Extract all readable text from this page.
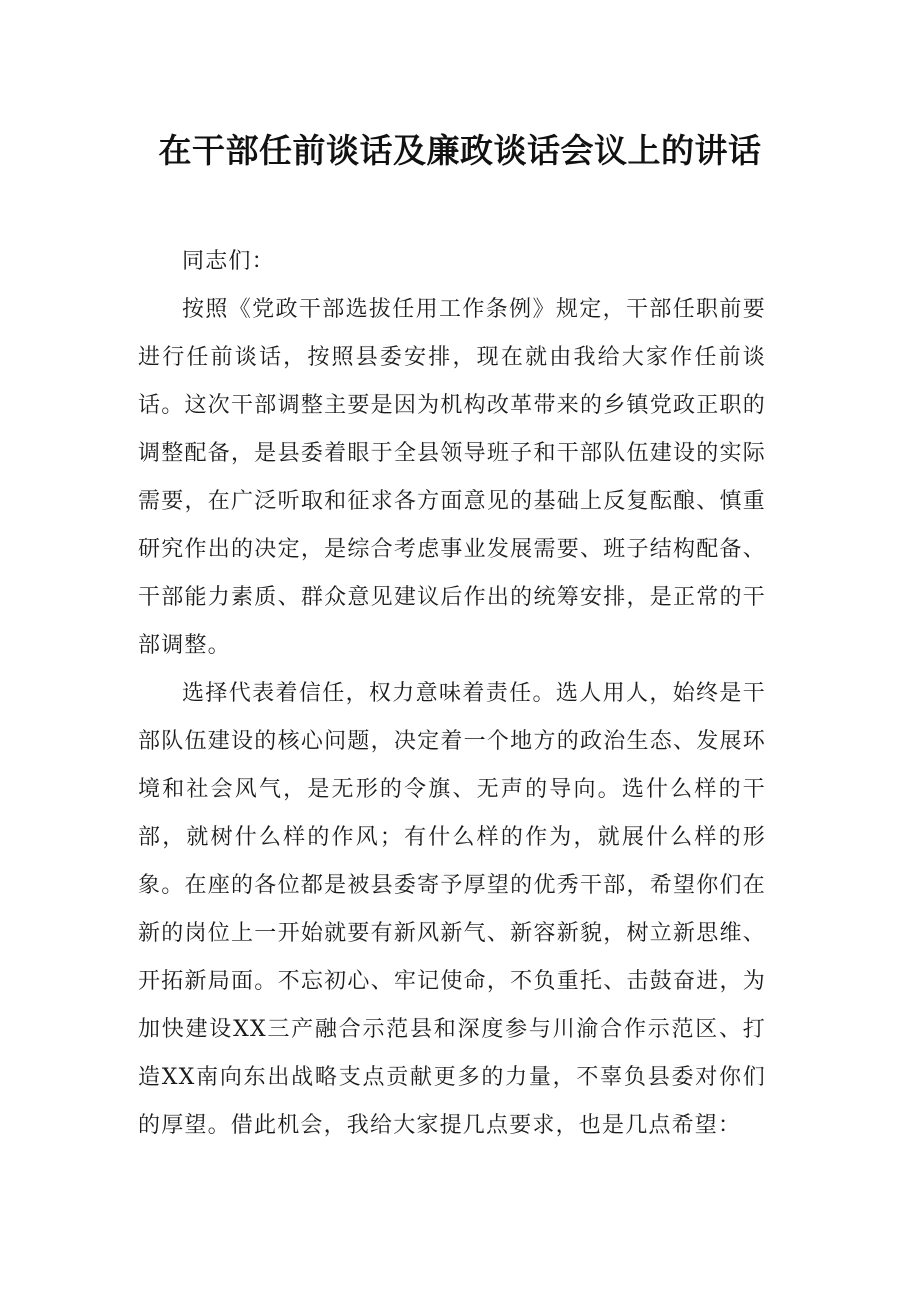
在干部任前谈话及廉政谈话会议上的讲话

同志们：

按照《党政干部选拔任用工作条例》规定，干部任职前要进行任前谈话，按照县委安排，现在就由我给大家作任前谈话。这次干部调整主要是因为机构改革带来的乡镇党政正职的调整配备，是县委着眼于全县领导班子和干部队伍建设的实际需要，在广泛听取和征求各方面意见的基础上反复酝酿、慎重研究作出的决定，是综合考虑事业发展需要、班子结构配备、干部能力素质、群众意见建议后作出的统筹安排，是正常的干部调整。

选择代表着信任，权力意味着责任。选人用人，始终是干部队伍建设的核心问题，决定着一个地方的政治生态、发展环境和社会风气，是无形的令旗、无声的导向。选什么样的干部，就树什么样的作风；有什么样的作为，就展什么样的形象。在座的各位都是被县委寄予厚望的优秀干部，希望你们在新的岗位上一开始就要有新风新气、新容新貌，树立新思维、开拓新局面。不忘初心、牢记使命，不负重托、击鼓奋进，为加快建设XX三产融合示范县和深度参与川渝合作示范区、打造XX南向东出战略支点贡献更多的力量，不辜负县委对你们的厚望。借此机会，我给大家提几点要求，也是几点希望：
